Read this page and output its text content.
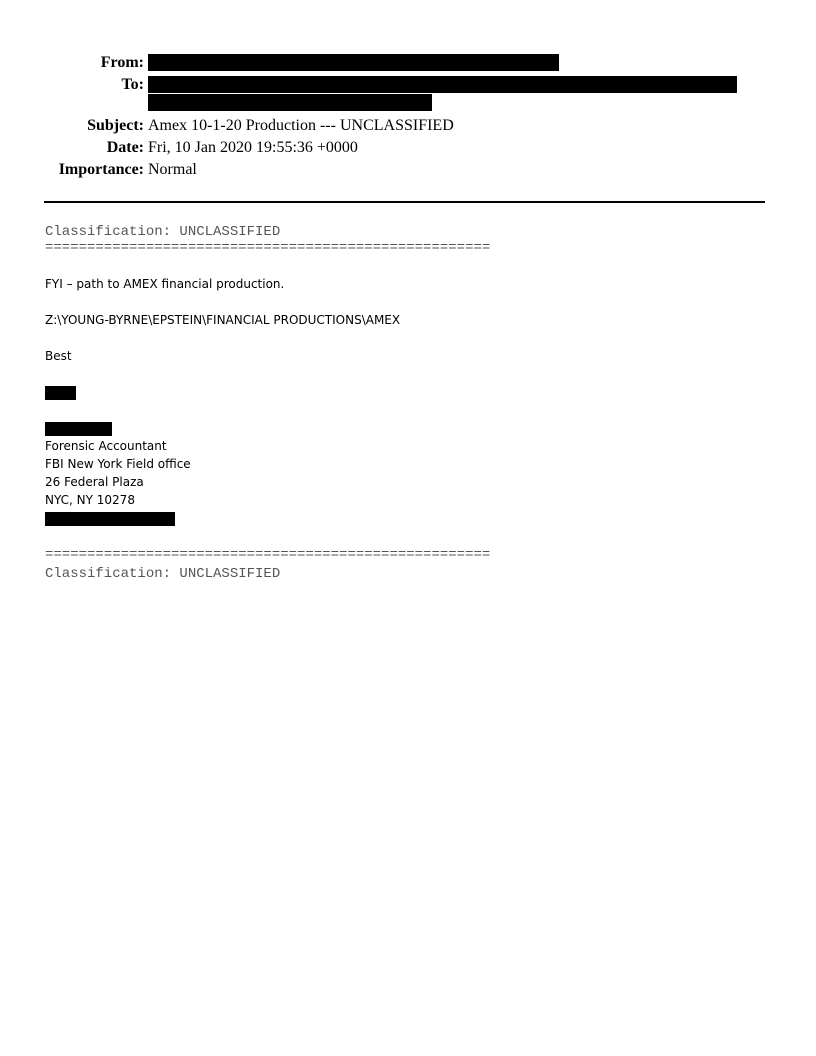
From:
To:
Subject: Amex 10-1-20 Production --- UNCLASSIFIED
Date: Fri, 10 Jan 2020 19:55:36 +0000
Importance: Normal
Classification: UNCLASSIFIED
=====================================================
FYI – path to AMEX financial production.
Z:\YOUNG-BYRNE\EPSTEIN\FINANCIAL PRODUCTIONS\AMEX
Best
Forensic Accountant
FBI New York Field office
26 Federal Plaza
NYC, NY 10278
=====================================================
Classification: UNCLASSIFIED
